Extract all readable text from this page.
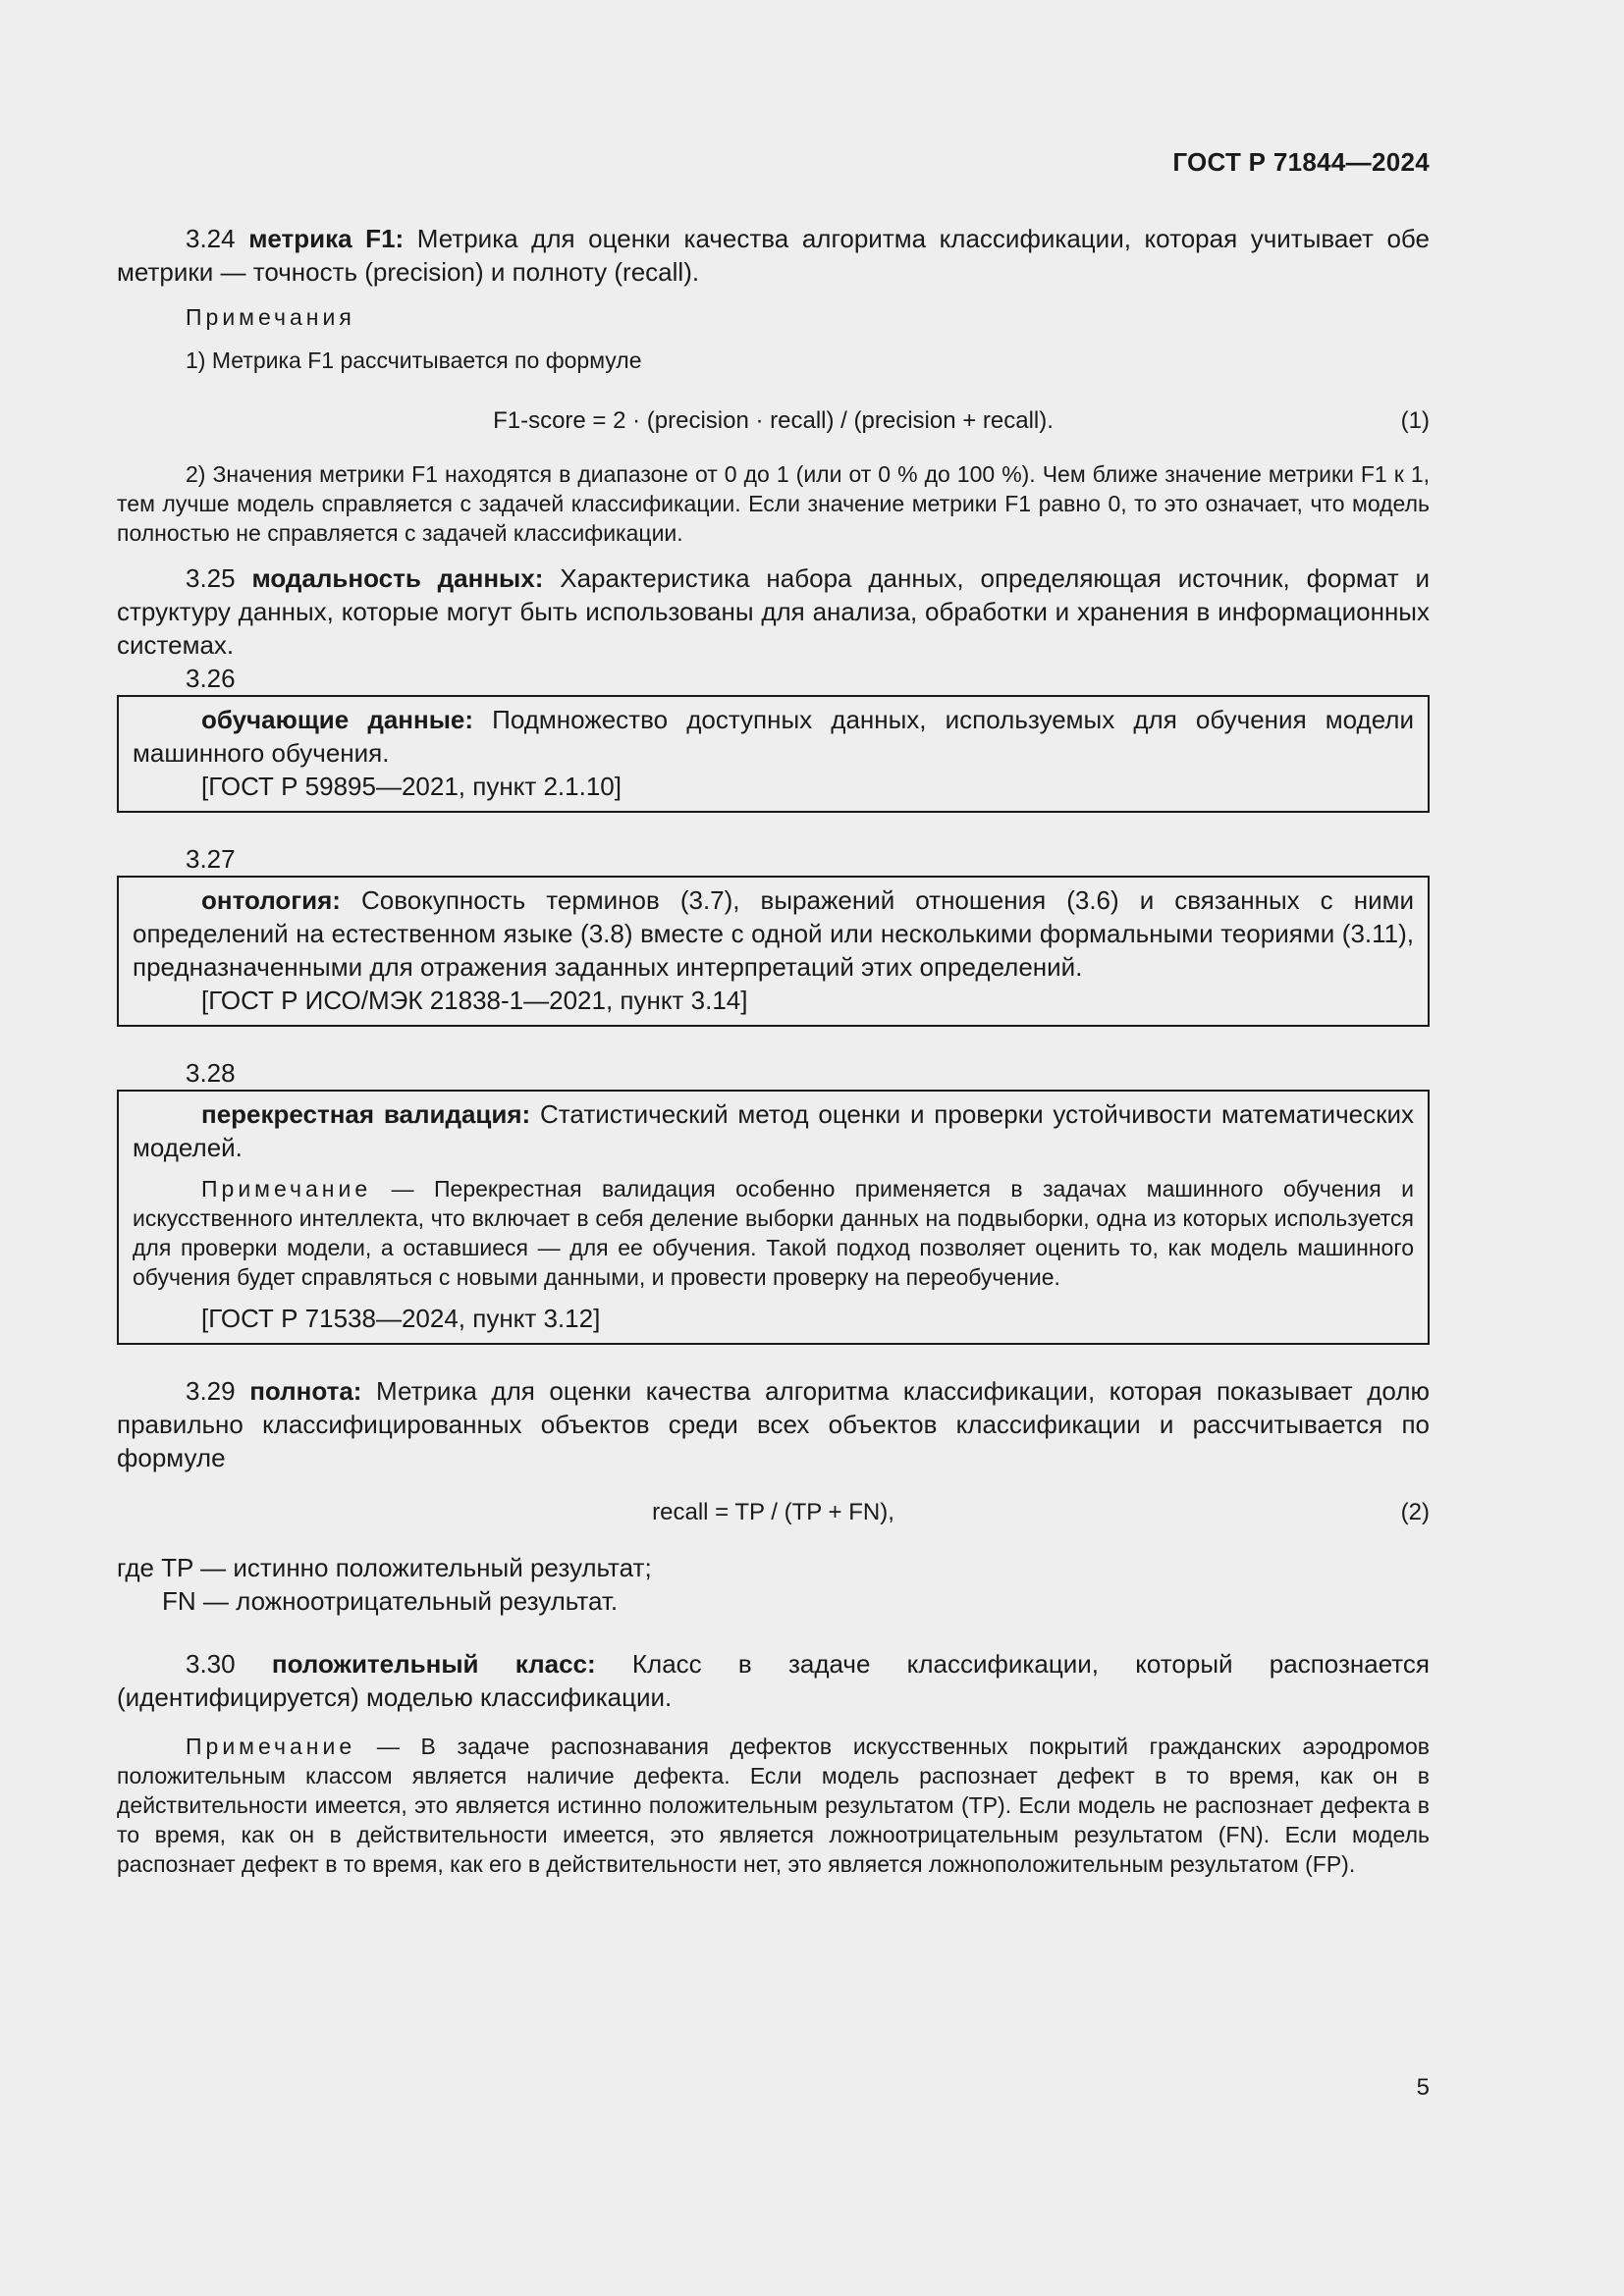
ГОСТ Р 71844—2024

3.24 метрика F1: Метрика для оценки качества алгоритма классификации, которая учитывает обе метрики — точность (precision) и полноту (recall).

Примечания

1) Метрика F1 рассчитывается по формуле

F1-score = 2 · (precision · recall) / (precision + recall).	(1)

2) Значения метрики F1 находятся в диапазоне от 0 до 1 (или от 0 % до 100 %). Чем ближе значение метрики F1 к 1, тем лучше модель справляется с задачей классификации. Если значение метрики F1 равно 0, то это означает, что модель полностью не справляется с задачей классификации.

3.25 модальность данных: Характеристика набора данных, определяющая источник, формат и структуру данных, которые могут быть использованы для анализа, обработки и хранения в информационных системах.

3.26

обучающие данные: Подмножество доступных данных, используемых для обучения модели машинного обучения.

[ГОСТ Р 59895—2021, пункт 2.1.10]

3.27

онтология: Совокупность терминов (3.7), выражений отношения (3.6) и связанных с ними определений на естественном языке (3.8) вместе с одной или несколькими формальными теориями (3.11), предназначенными для отражения заданных интерпретаций этих определений.

[ГОСТ Р ИСО/МЭК 21838-1—2021, пункт 3.14]

3.28

перекрестная валидация: Статистический метод оценки и проверки устойчивости математических моделей.

Примечание — Перекрестная валидация особенно применяется в задачах машинного обучения и искусственного интеллекта, что включает в себя деление выборки данных на подвыборки, одна из которых используется для проверки модели, а оставшиеся — для ее обучения. Такой подход позволяет оценить то, как модель машинного обучения будет справляться с новыми данными, и провести проверку на переобучение.

[ГОСТ Р 71538—2024, пункт 3.12]

3.29 полнота: Метрика для оценки качества алгоритма классификации, которая показывает долю правильно классифицированных объектов среди всех объектов классификации и рассчитывается по формуле

recall = TP / (TP + FN),	(2)

где TP — истинно положительный результат;

FN — ложноотрицательный результат.

3.30 положительный класс: Класс в задаче классификации, который распознается (идентифицируется) моделью классификации.

Примечание — В задаче распознавания дефектов искусственных покрытий гражданских аэродромов положительным классом является наличие дефекта. Если модель распознает дефект в то время, как он в действительности имеется, это является истинно положительным результатом (TP). Если модель не распознает дефекта в то время, как он в действительности имеется, это является ложноотрицательным результатом (FN). Если модель распознает дефект в то время, как его в действительности нет, это является ложноположительным результатом (FP).

5
